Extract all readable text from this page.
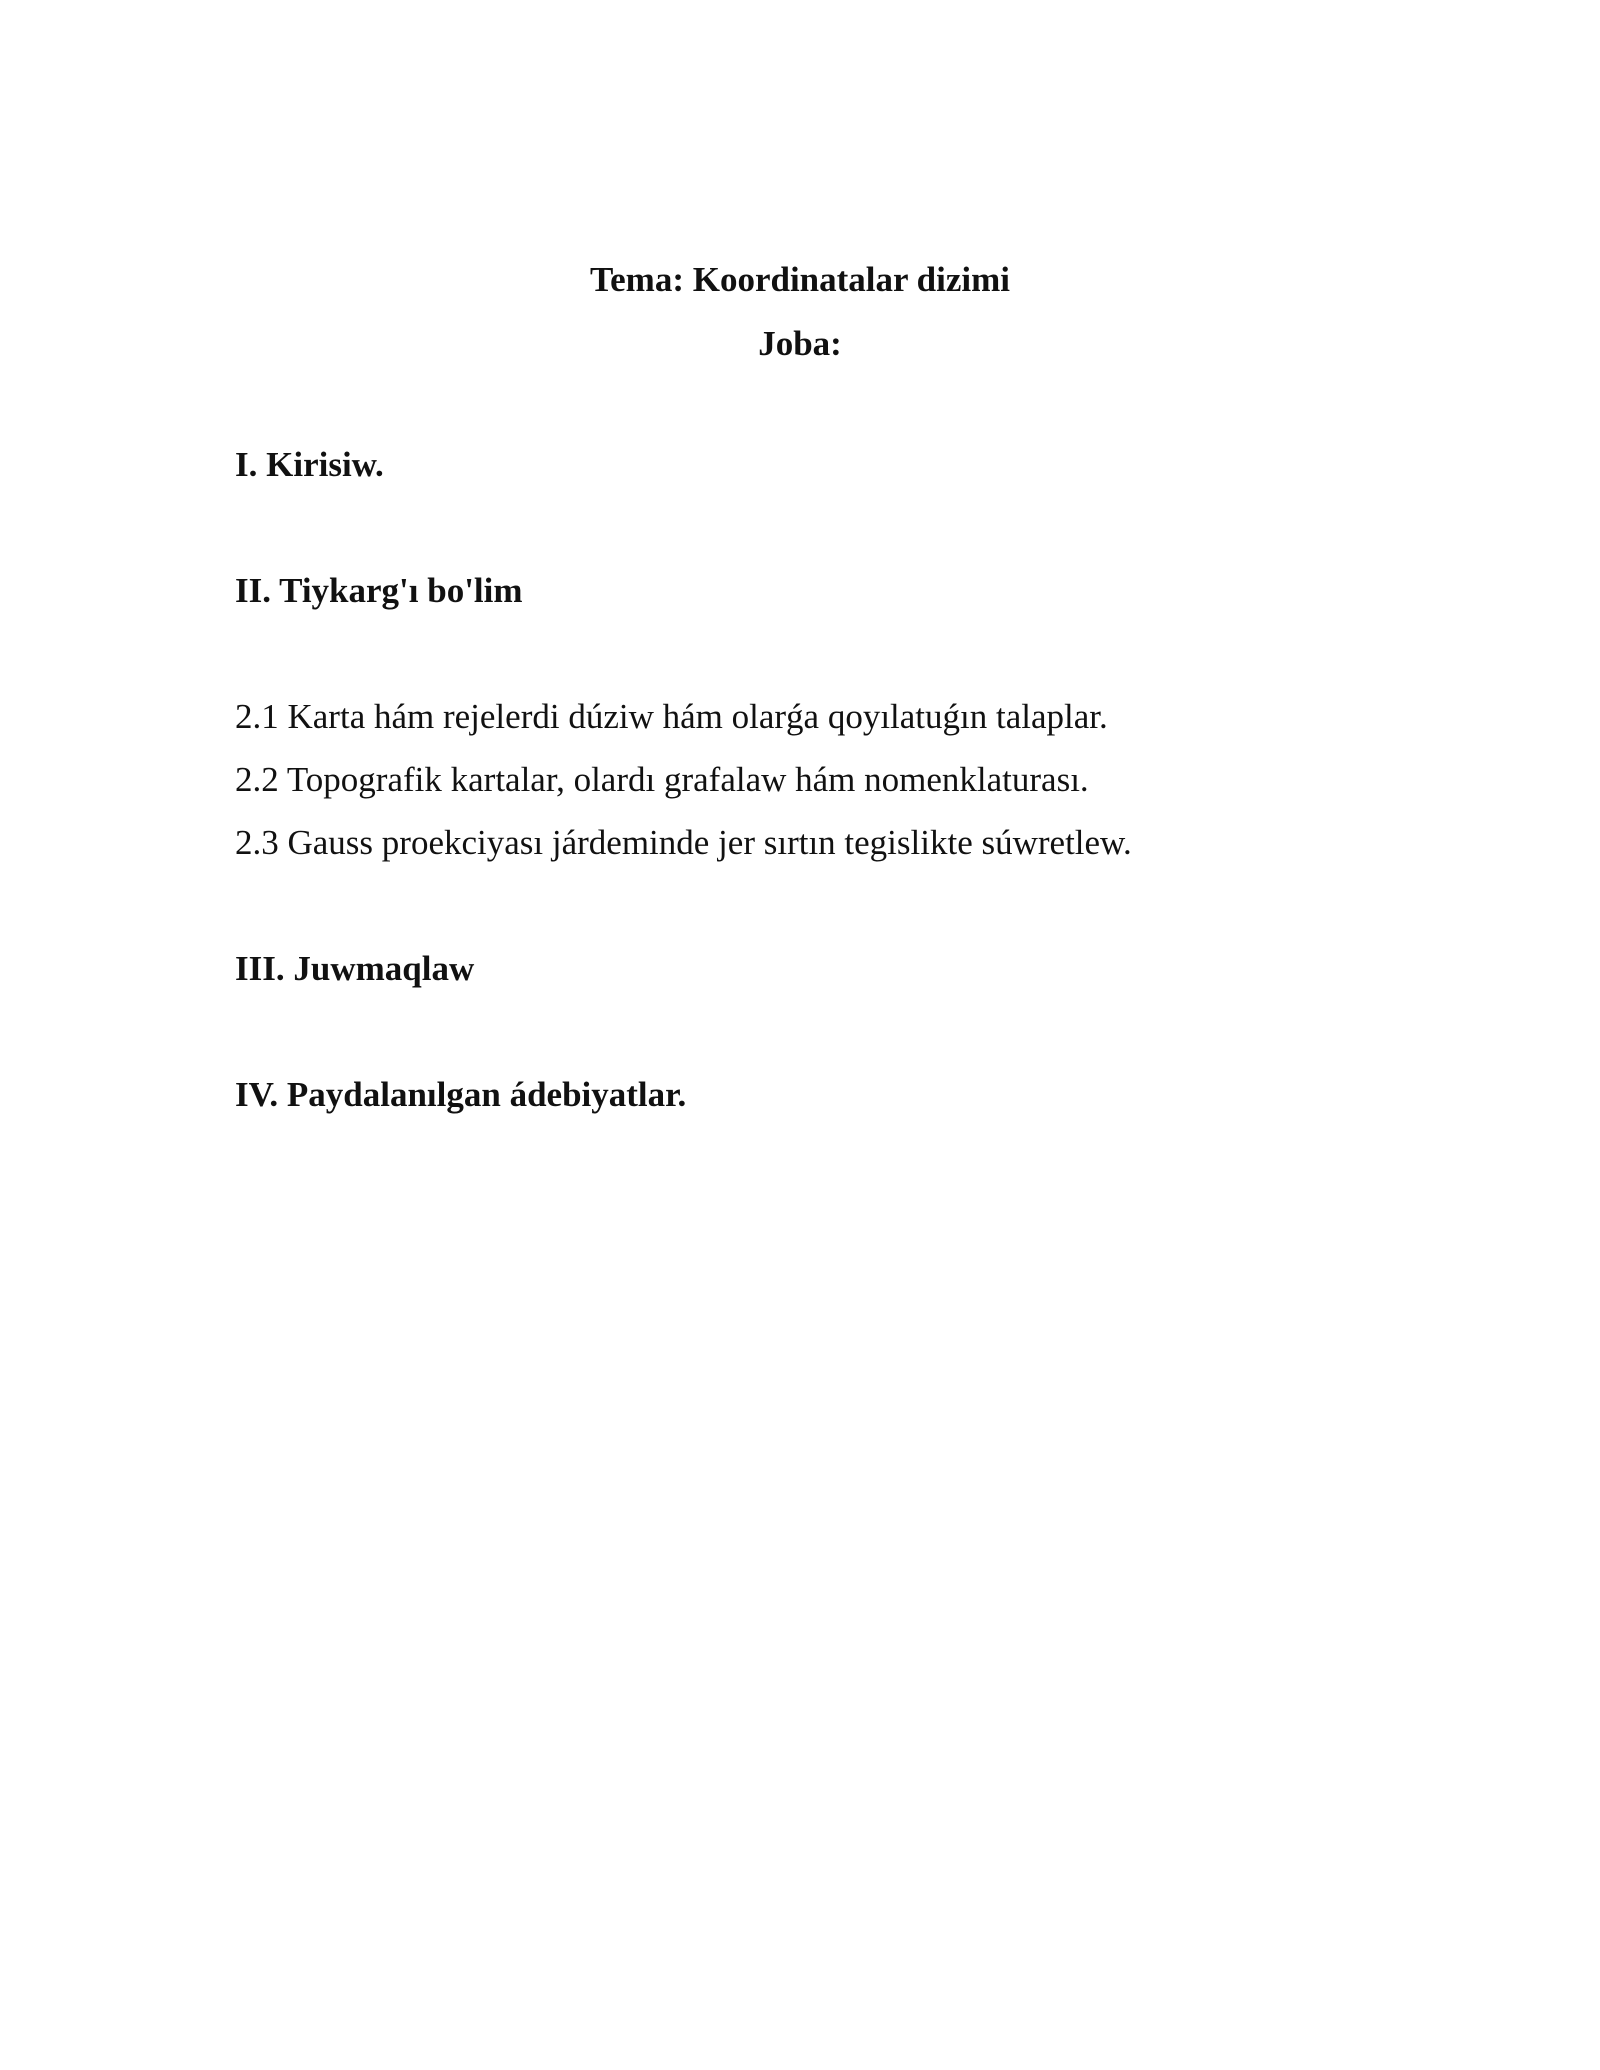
Tema: Koordinatalar dizimi
Joba:
I. Kirisiw.
II. Tiykarg'ı bo'lim
2.1 Karta hám rejelerdi dúziw hám olarǵa qoyılatuǵın talaplar.
2.2 Topografik kartalar, olardı grafalaw hám nomenklaturası.
2.3 Gauss proekciyası járdeminde jer sırtın tegislikte súwretlew.
III. Juwmaqlaw
IV. Paydalanılgan ádebiyatlar.
